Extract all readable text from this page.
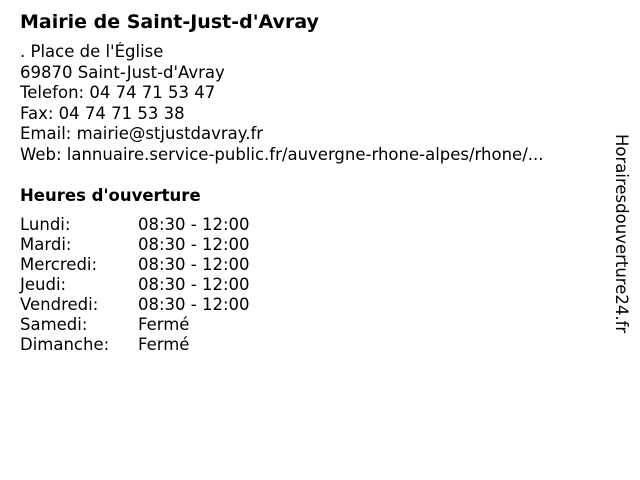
Mairie de Saint-Just-d'Avray
. Place de l'Église
69870 Saint-Just-d'Avray
Telefon: 04 74 71 53 47
Fax: 04 74 71 53 38
Email: mairie@stjustdavray.fr
Web: lannuaire.service-public.fr/auvergne-rhone-alpes/rhone/...
Heures d'ouverture
Lundi:	08:30 - 12:00
Mardi:	08:30 - 12:00
Mercredi:	08:30 - 12:00
Jeudi:	08:30 - 12:00
Vendredi:	08:30 - 12:00
Samedi:	Fermé
Dimanche:	Fermé
Horairesdouverture24.fr
